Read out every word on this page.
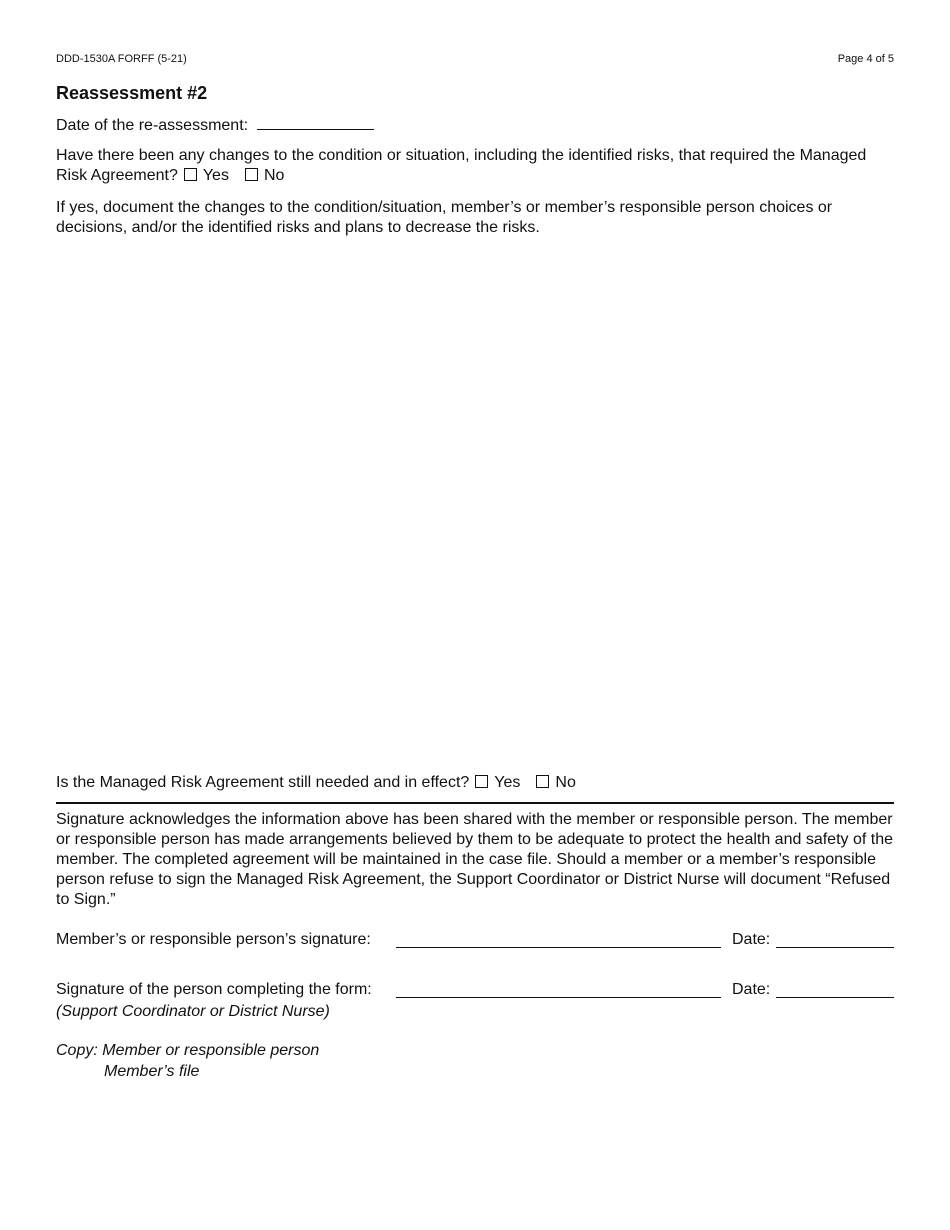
DDD-1530A FORFF (5-21)	Page 4 of 5
Reassessment #2
Date of the re-assessment:
Have there been any changes to the condition or situation, including the identified risks, that required the Managed Risk Agreement? Yes No
If yes, document the changes to the condition/situation, member’s or member’s responsible person choices or decisions, and/or the identified risks and plans to decrease the risks.
Is the Managed Risk Agreement still needed and in effect? Yes No
Signature acknowledges the information above has been shared with the member or responsible person. The member or responsible person has made arrangements believed by them to be adequate to protect the health and safety of the member. The completed agreement will be maintained in the case file. Should a member or a member’s responsible person refuse to sign the Managed Risk Agreement, the Support Coordinator or District Nurse will document “Refused to Sign.”
Member’s or responsible person’s signature:	Date:
Signature of the person completing the form:	Date:
(Support Coordinator or District Nurse)
Copy: Member or responsible person
Member’s file
